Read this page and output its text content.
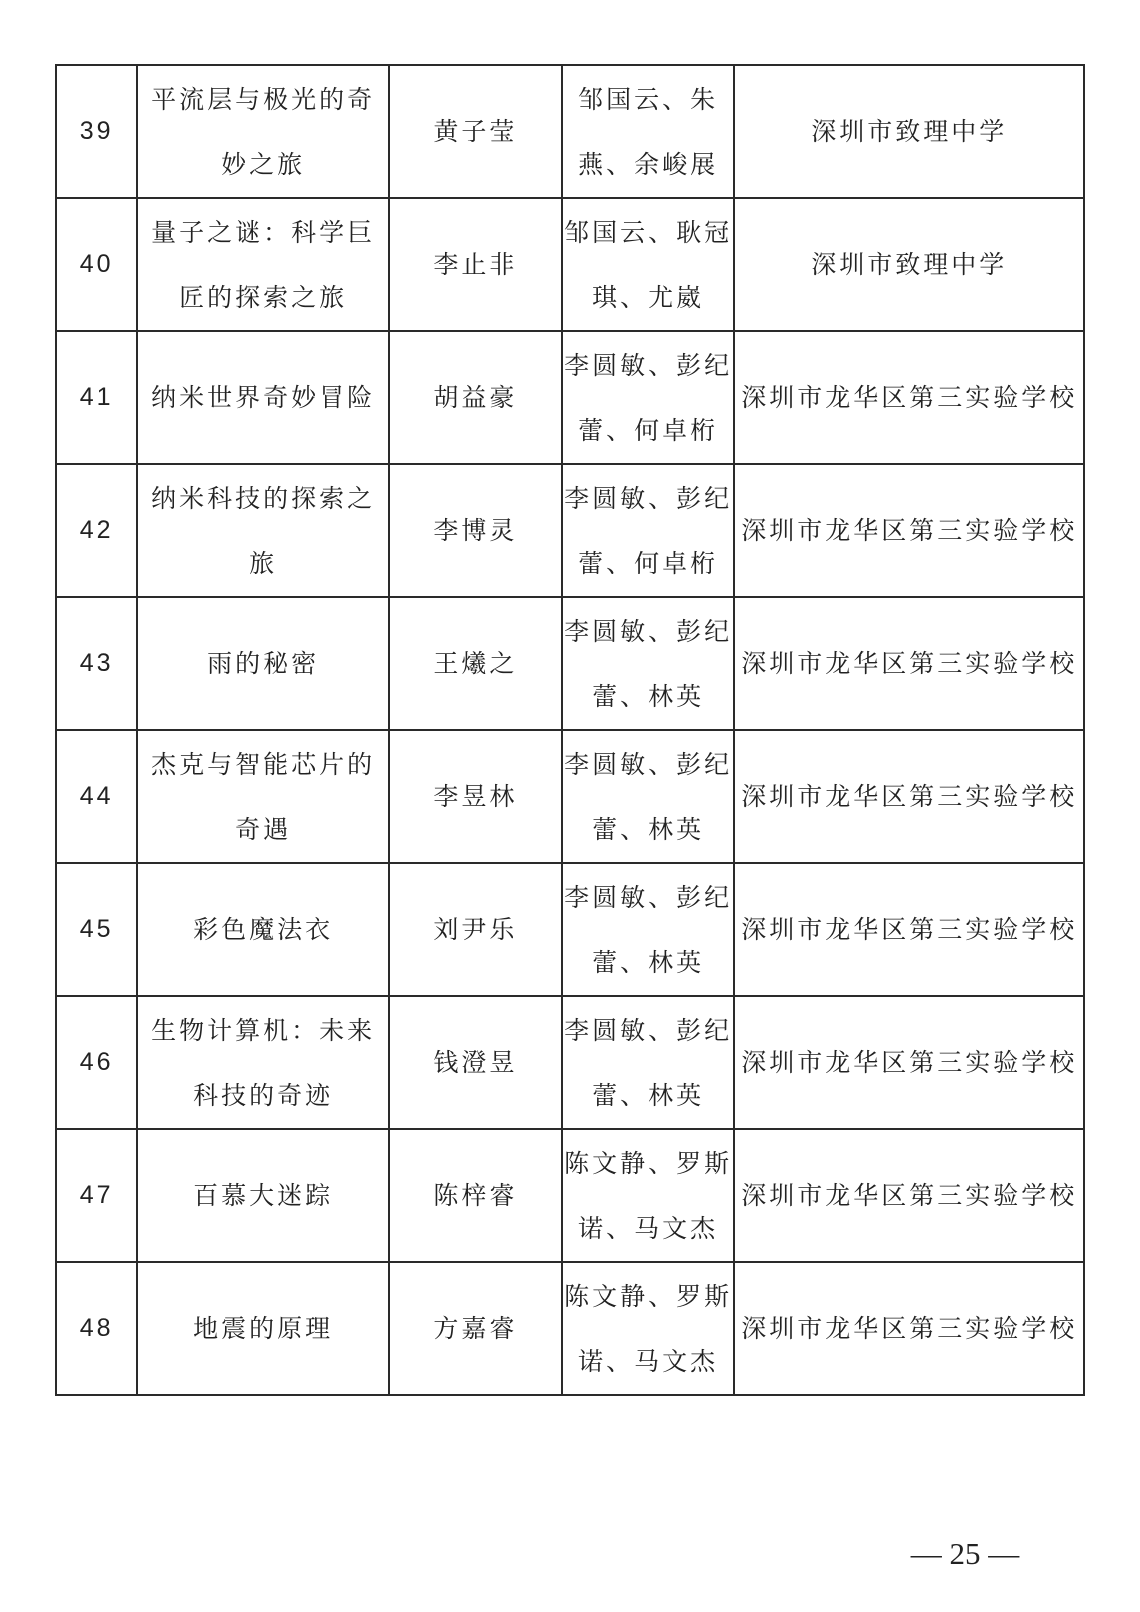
39	平流层与极光的奇妙之旅	黄子莹	邹国云、朱燕、余峻展	深圳市致理中学
40	量子之谜：科学巨匠的探索之旅	李止非	邹国云、耿冠琪、尤崴	深圳市致理中学
41	纳米世界奇妙冒险	胡益豪	李圆敏、彭纪蕾、何卓桁	深圳市龙华区第三实验学校
42	纳米科技的探索之旅	李博灵	李圆敏、彭纪蕾、何卓桁	深圳市龙华区第三实验学校
43	雨的秘密	王爔之	李圆敏、彭纪蕾、林英	深圳市龙华区第三实验学校
44	杰克与智能芯片的奇遇	李昱林	李圆敏、彭纪蕾、林英	深圳市龙华区第三实验学校
45	彩色魔法衣	刘尹乐	李圆敏、彭纪蕾、林英	深圳市龙华区第三实验学校
46	生物计算机：未来科技的奇迹	钱澄昱	李圆敏、彭纪蕾、林英	深圳市龙华区第三实验学校
47	百慕大迷踪	陈梓睿	陈文静、罗斯诺、马文杰	深圳市龙华区第三实验学校
48	地震的原理	方嘉睿	陈文静、罗斯诺、马文杰	深圳市龙华区第三实验学校
— 25 —
